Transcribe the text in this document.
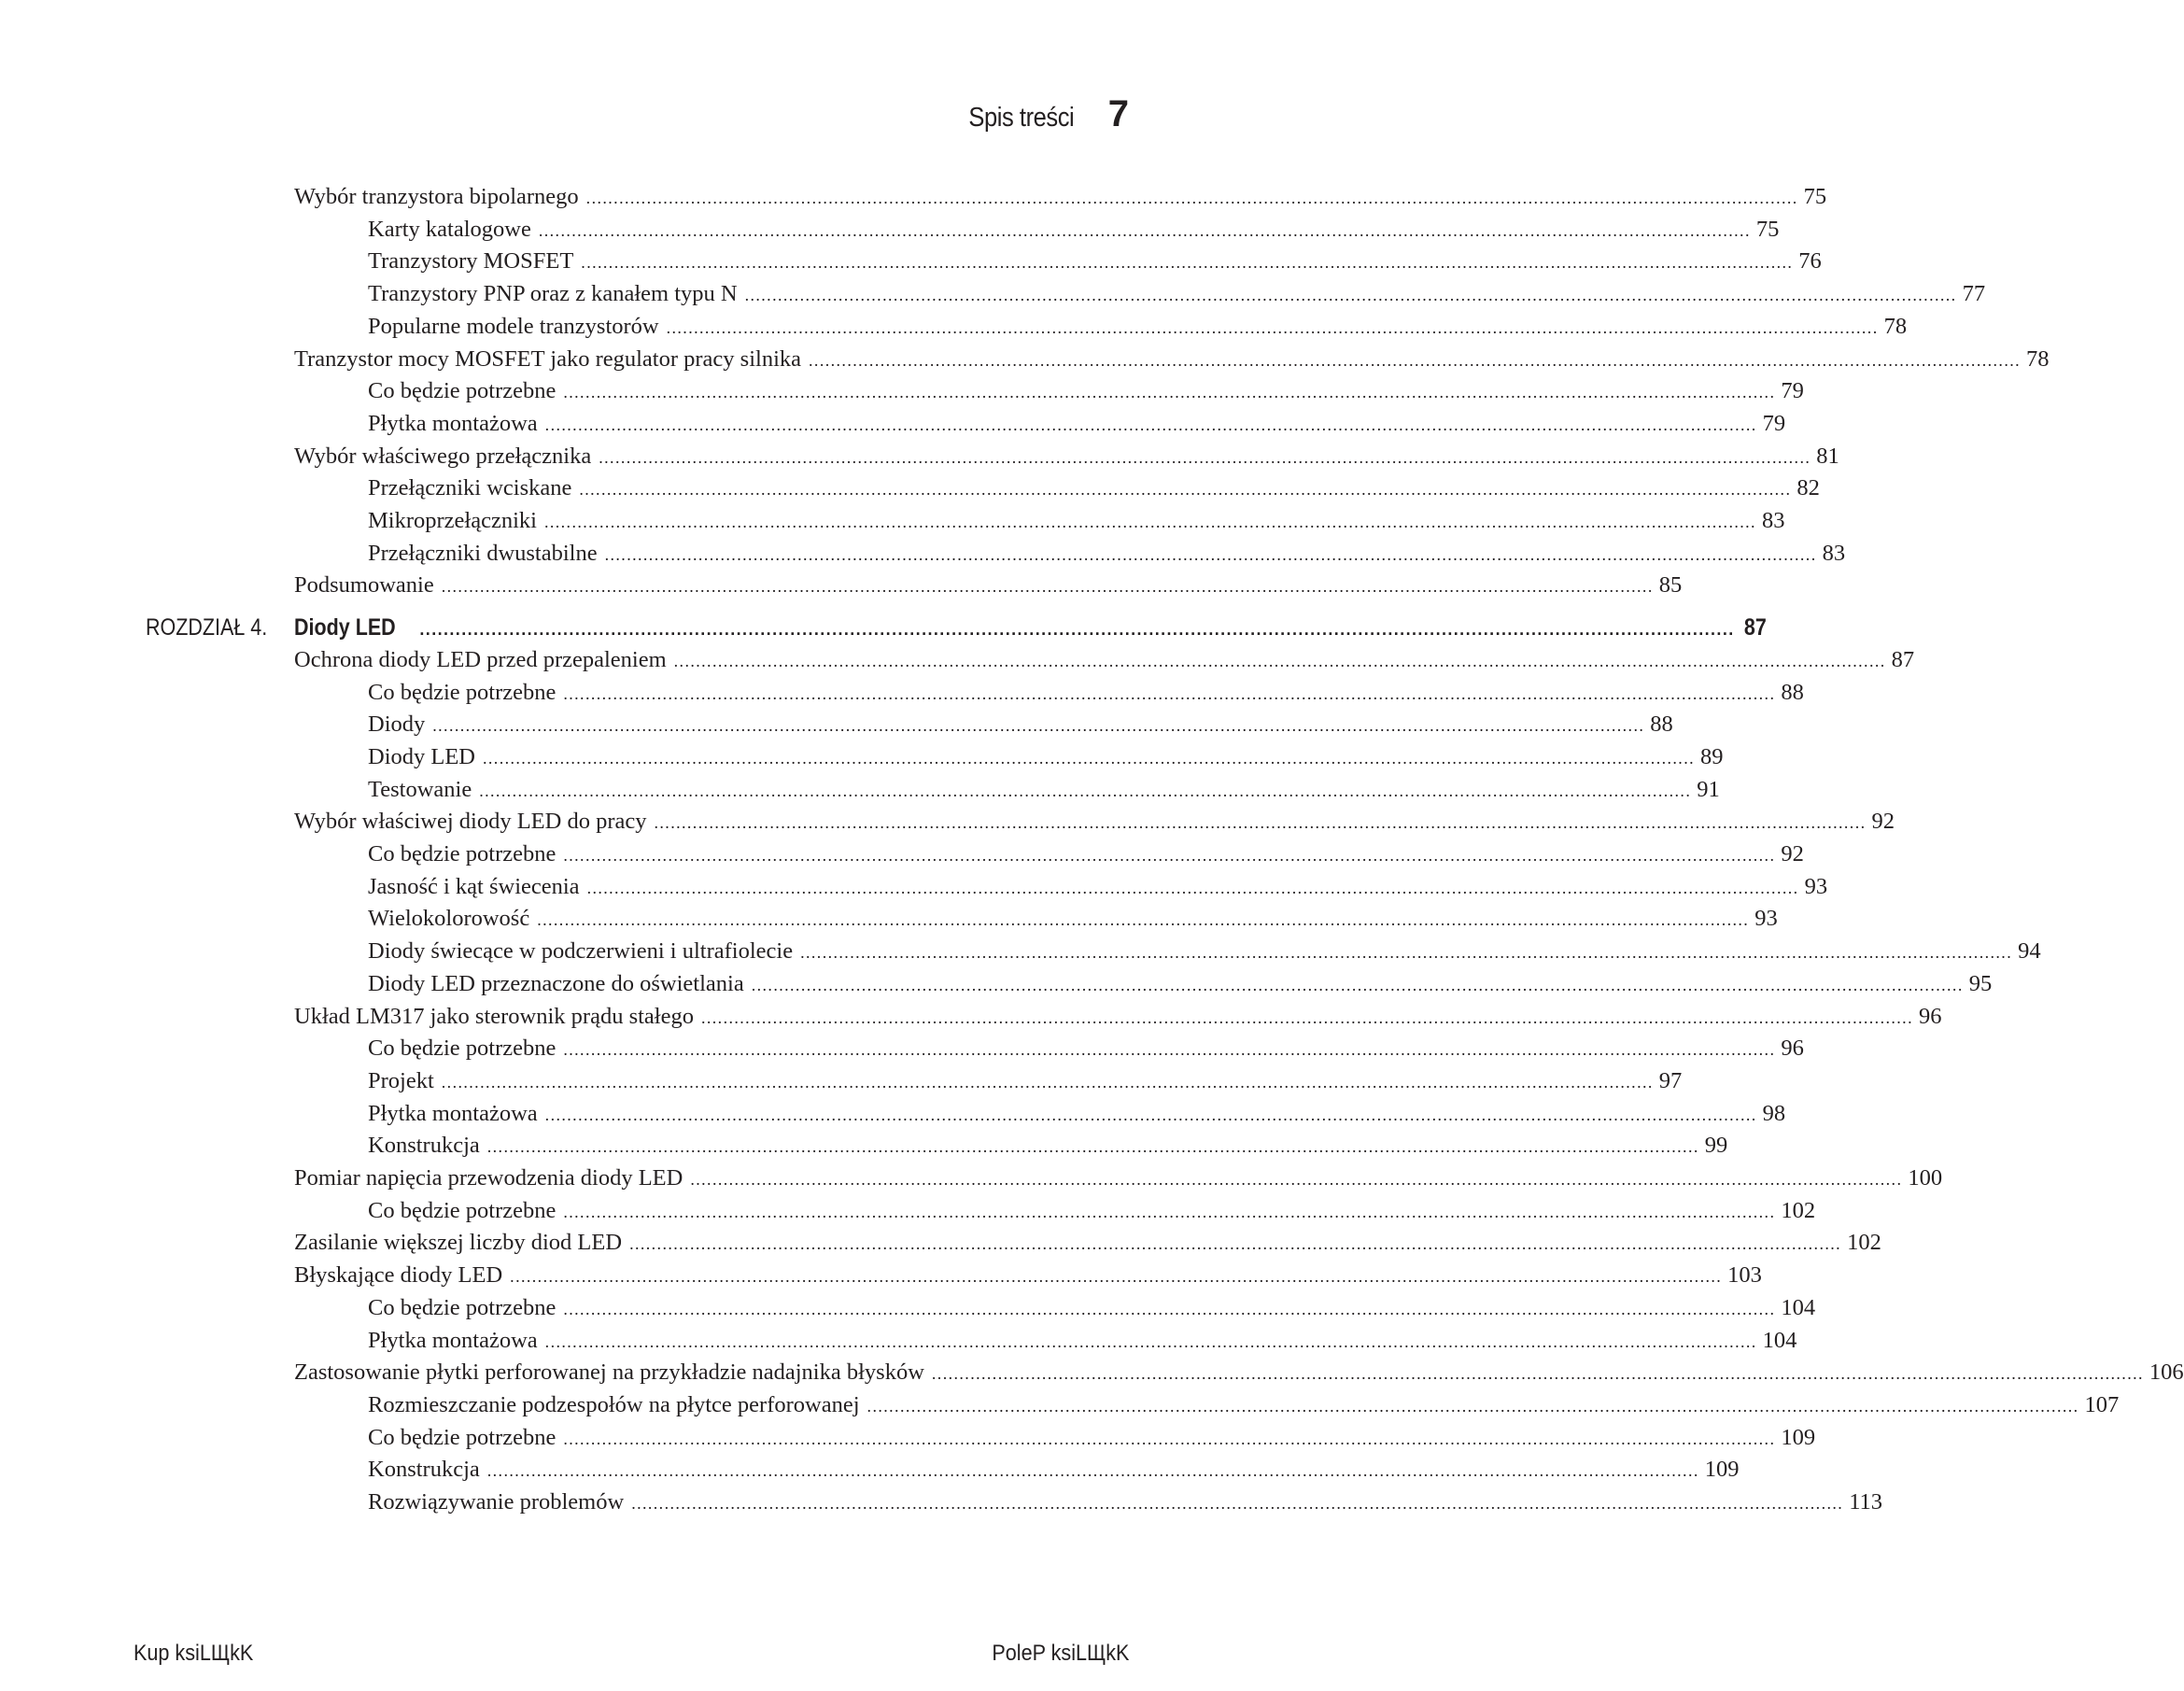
Spis treści 7
Wybór tranzystora bipolarnego ............................................................................................................................................................................................................................ 75
Karty katalogowe ............................................................................................................................................................................................................................ 75
Tranzystory MOSFET ............................................................................................................................................................................................................................ 76
Tranzystory PNP oraz z kanałem typu N ............................................................................................................................................................................................................................ 77
Popularne modele tranzystorów ............................................................................................................................................................................................................................ 78
Tranzystor mocy MOSFET jako regulator pracy silnika ............................................................................................................................................................................................................................ 78
Co będzie potrzebne ............................................................................................................................................................................................................................ 79
Płytka montażowa ............................................................................................................................................................................................................................ 79
Wybór właściwego przełącznika ............................................................................................................................................................................................................................ 81
Przełączniki wciskane ............................................................................................................................................................................................................................ 82
Mikroprzełączniki ............................................................................................................................................................................................................................ 83
Przełączniki dwustabilne ............................................................................................................................................................................................................................ 83
Podsumowanie ............................................................................................................................................................................................................................ 85
ROZDZIAŁ 4. Diody LED ............................................................................................................................................................................................................................ 87
Ochrona diody LED przed przepaleniem ............................................................................................................................................................................................................................ 87
Co będzie potrzebne ............................................................................................................................................................................................................................ 88
Diody ............................................................................................................................................................................................................................ 88
Diody LED ............................................................................................................................................................................................................................ 89
Testowanie ............................................................................................................................................................................................................................ 91
Wybór właściwej diody LED do pracy ............................................................................................................................................................................................................................ 92
Co będzie potrzebne ............................................................................................................................................................................................................................ 92
Jasność i kąt świecenia ............................................................................................................................................................................................................................ 93
Wielokolorowość ............................................................................................................................................................................................................................ 93
Diody świecące w podczerwieni i ultrafiolecie ............................................................................................................................................................................................................................ 94
Diody LED przeznaczone do oświetlania ............................................................................................................................................................................................................................ 95
Układ LM317 jako sterownik prądu stałego ............................................................................................................................................................................................................................ 96
Co będzie potrzebne ............................................................................................................................................................................................................................ 96
Projekt ............................................................................................................................................................................................................................ 97
Płytka montażowa ............................................................................................................................................................................................................................ 98
Konstrukcja ............................................................................................................................................................................................................................ 99
Pomiar napięcia przewodzenia diody LED ............................................................................................................................................................................................................................ 100
Co będzie potrzebne ............................................................................................................................................................................................................................ 102
Zasilanie większej liczby diod LED ............................................................................................................................................................................................................................ 102
Błyskające diody LED ............................................................................................................................................................................................................................ 103
Co będzie potrzebne ............................................................................................................................................................................................................................ 104
Płytka montażowa ............................................................................................................................................................................................................................ 104
Zastosowanie płytki perforowanej na przykładzie nadajnika błysków ............................................................................................................................................................................................................................ 106
Rozmieszczanie podzespołów na płytce perforowanej ............................................................................................................................................................................................................................ 107
Co będzie potrzebne ............................................................................................................................................................................................................................ 109
Konstrukcja ............................................................................................................................................................................................................................ 109
Rozwiązywanie problemów ............................................................................................................................................................................................................................ 113
Kup ksiLЩkK	PoleP ksiLЩkK
